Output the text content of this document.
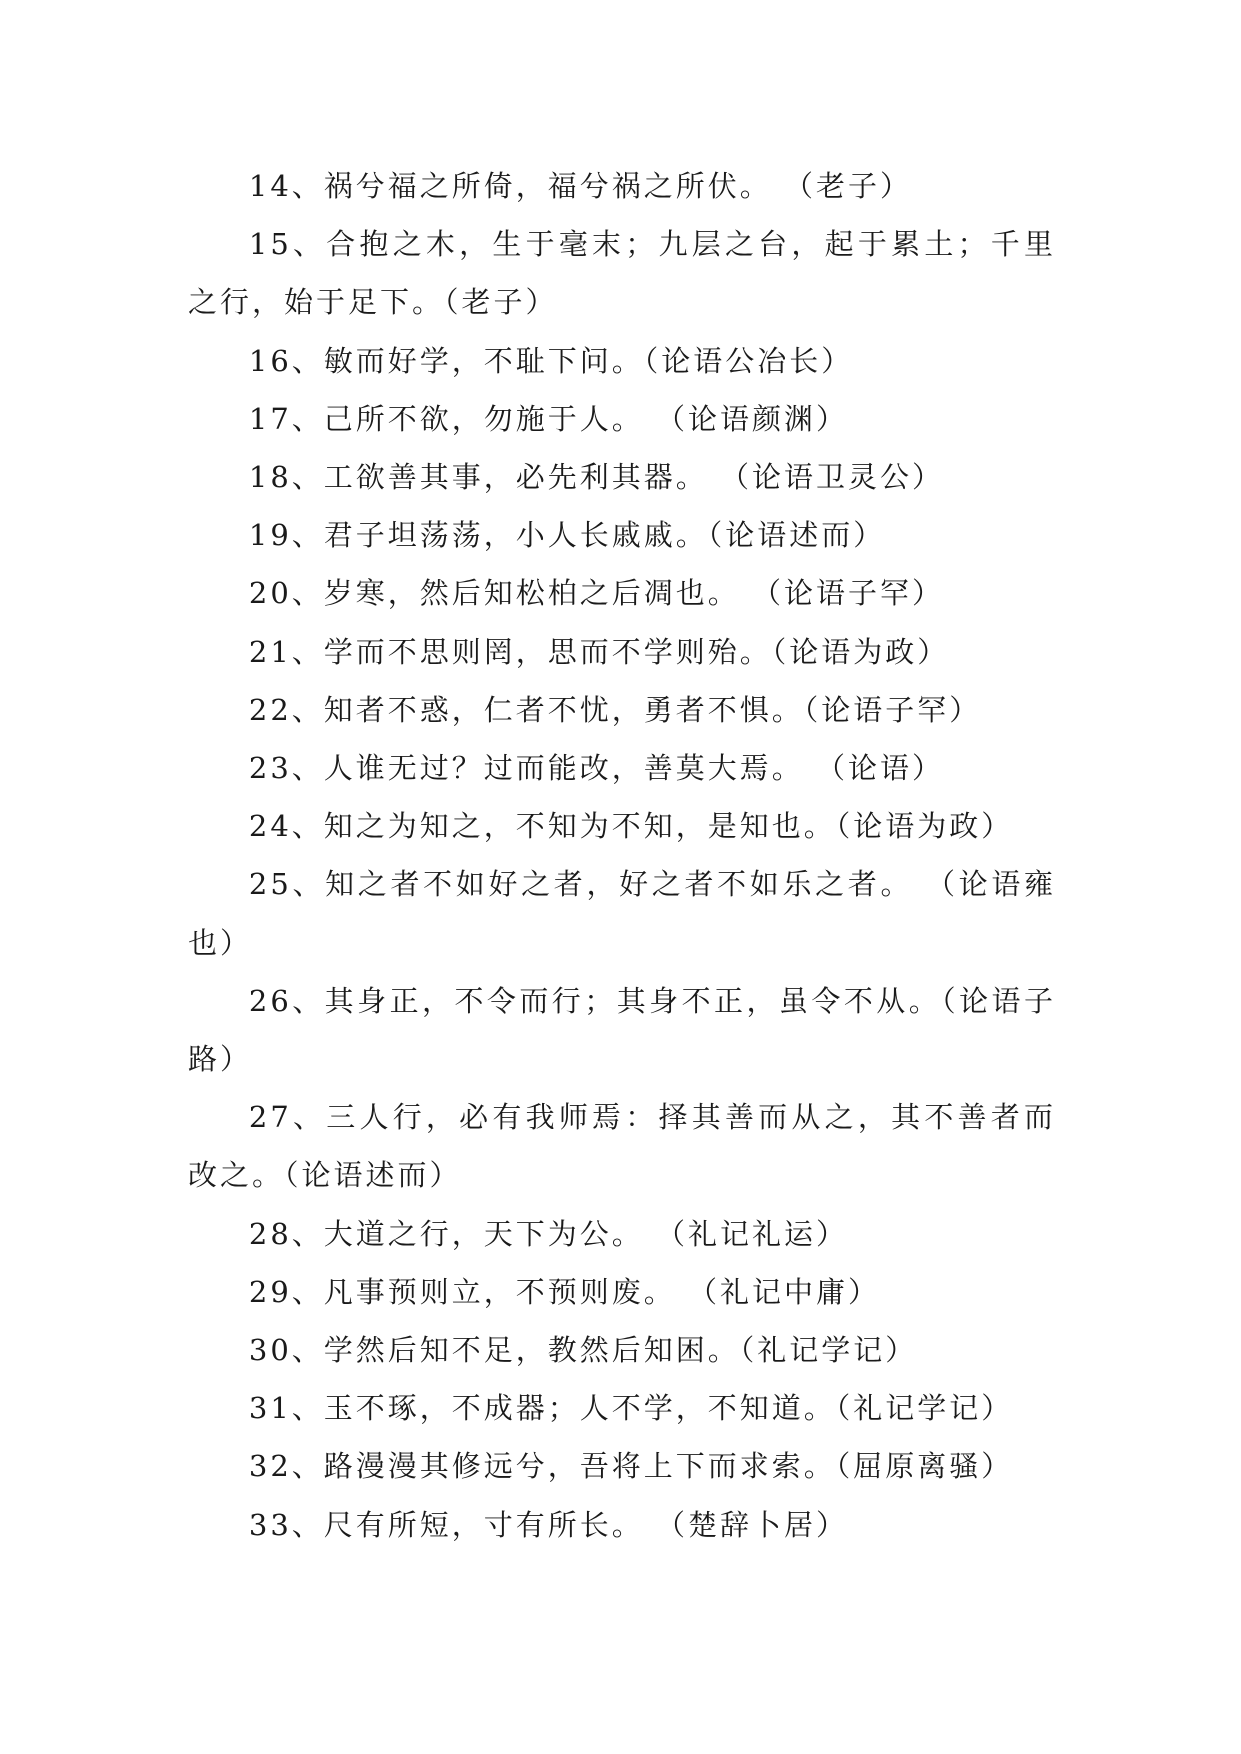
14、祸兮福之所倚，福兮祸之所伏。 （老子）

15、合抱之木，生于毫末；九层之台，起于累土；千里之行，始于足下。（老子）

16、敏而好学，不耻下问。（论语公冶长）

17、己所不欲，勿施于人。 （论语颜渊）

18、工欲善其事，必先利其器。 （论语卫灵公）

19、君子坦荡荡，小人长戚戚。（论语述而）

20、岁寒，然后知松柏之后凋也。 （论语子罕）

21、学而不思则罔，思而不学则殆。（论语为政）

22、知者不惑，仁者不忧，勇者不惧。（论语子罕）

23、人谁无过？过而能改，善莫大焉。 （论语）

24、知之为知之，不知为不知，是知也。（论语为政）

25、知之者不如好之者，好之者不如乐之者。 （论语雍也）

26、其身正，不令而行；其身不正，虽令不从。（论语子路）

27、三人行，必有我师焉：择其善而从之，其不善者而改之。（论语述而）

28、大道之行，天下为公。 （礼记礼运）

29、凡事预则立，不预则废。 （礼记中庸）

30、学然后知不足，教然后知困。（礼记学记）

31、玉不琢，不成器；人不学，不知道。（礼记学记）

32、路漫漫其修远兮，吾将上下而求索。（屈原离骚）

33、尺有所短，寸有所长。 （楚辞卜居）
